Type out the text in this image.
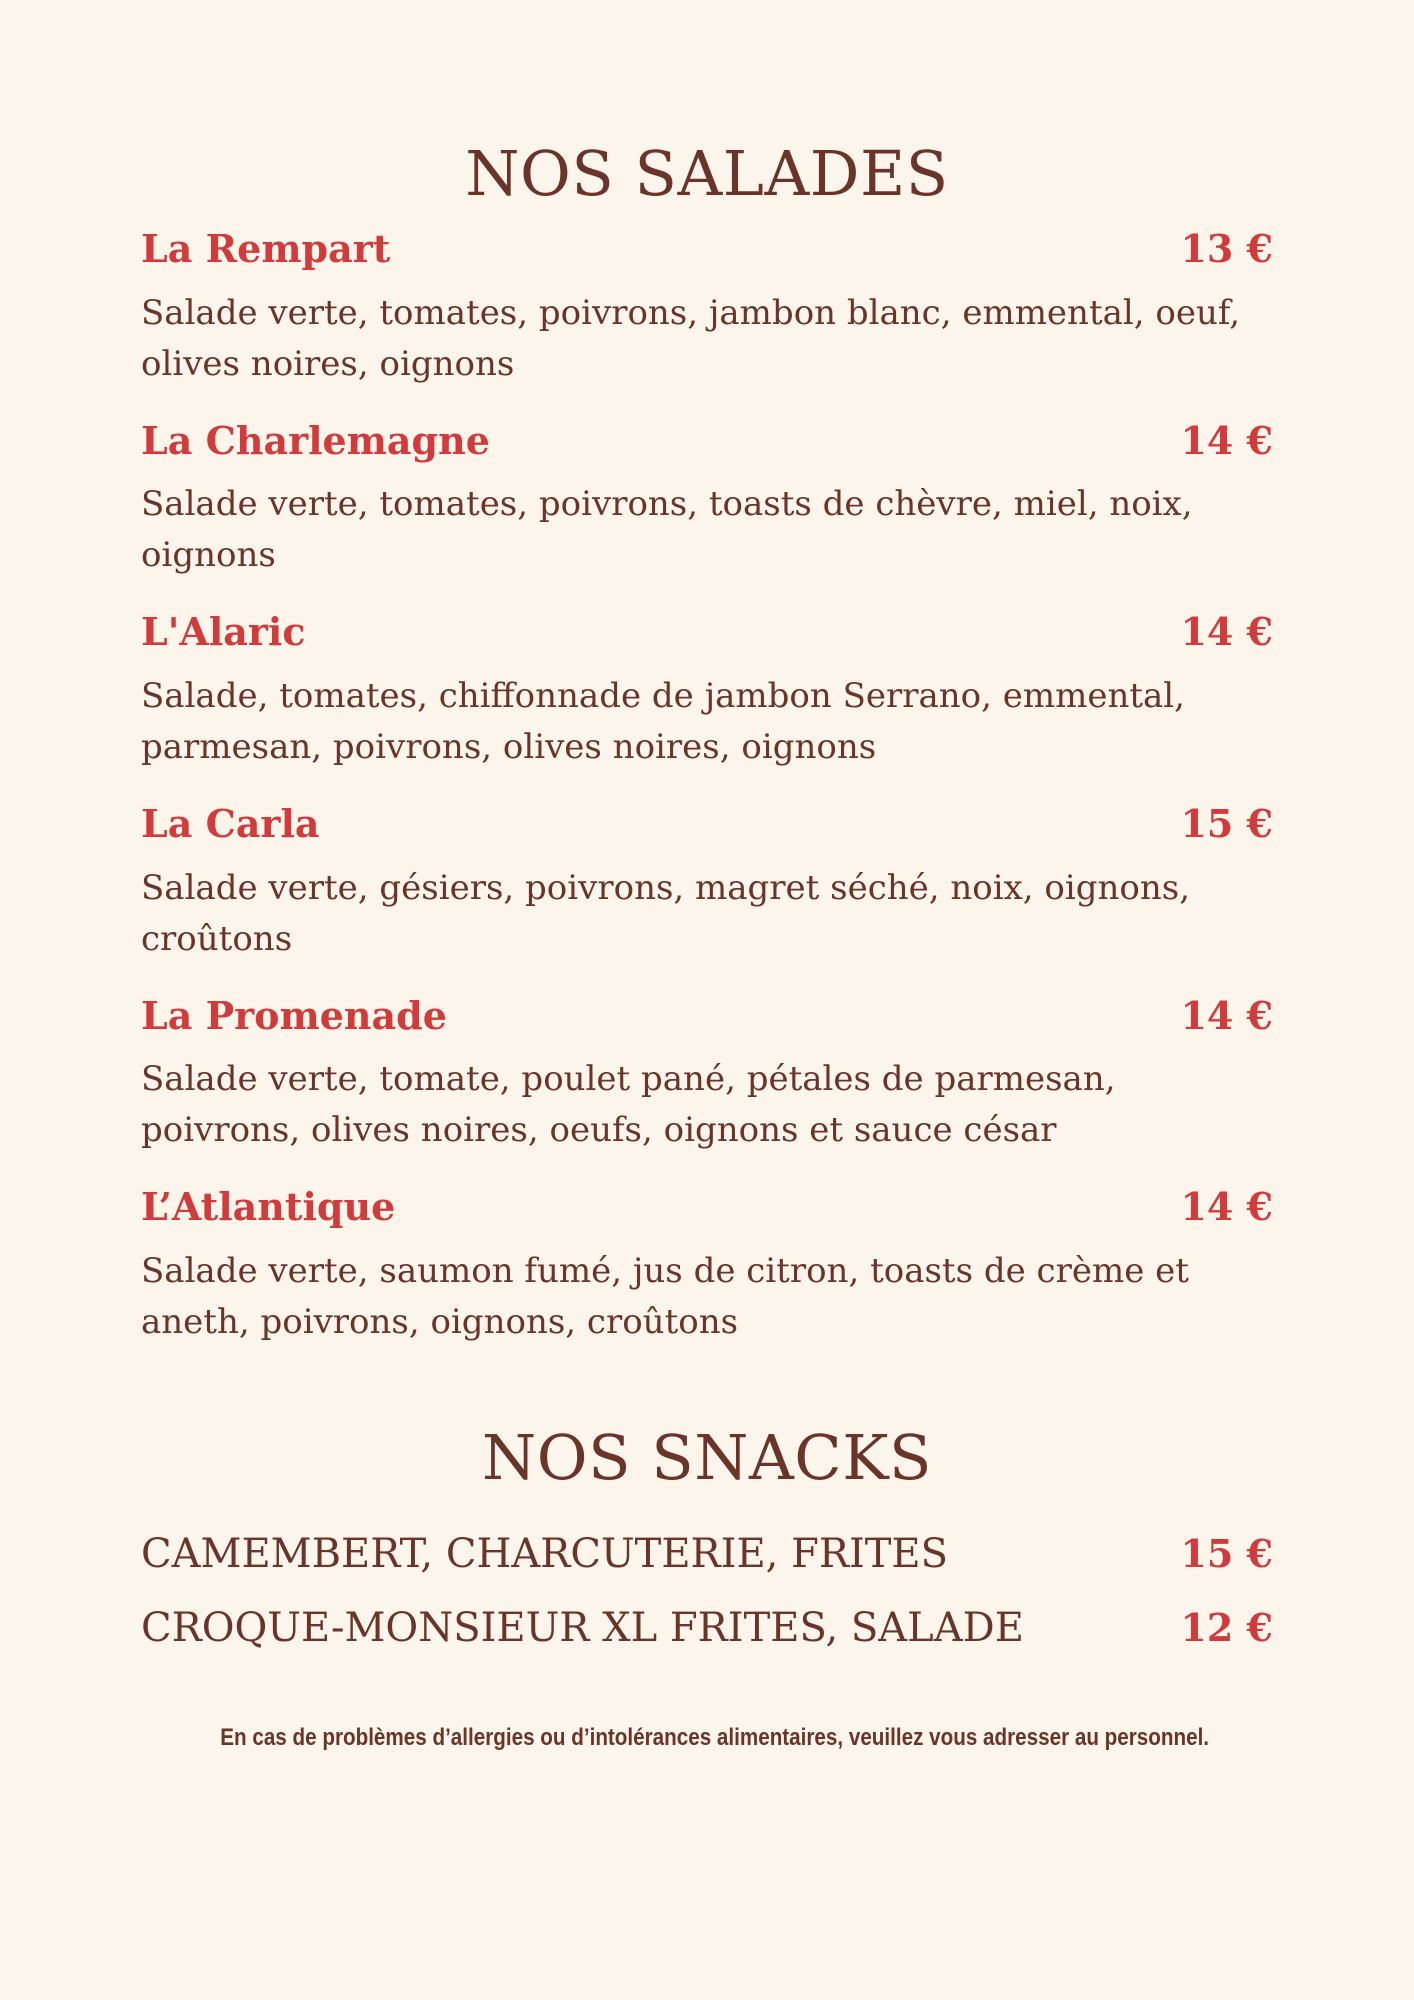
NOS SALADES
La Rempart	13 €
Salade verte, tomates, poivrons, jambon blanc, emmental, oeuf, olives noires, oignons
La Charlemagne	14 €
Salade verte, tomates, poivrons, toasts de chèvre, miel, noix, oignons
L'Alaric	14 €
Salade, tomates, chiffonnade de jambon Serrano, emmental, parmesan, poivrons, olives noires, oignons
La Carla	15 €
Salade verte, gésiers, poivrons, magret séché, noix, oignons, croûtons
La Promenade	14 €
Salade verte, tomate, poulet pané, pétales de parmesan, poivrons, olives noires, oeufs, oignons et sauce césar
L’Atlantique	14 €
Salade verte, saumon fumé, jus de citron, toasts de crème et aneth, poivrons, oignons, croûtons
NOS SNACKS
CAMEMBERT, CHARCUTERIE, FRITES	15 €
CROQUE-MONSIEUR XL FRITES, SALADE	12 €
En cas de problèmes d’allergies ou d’intolérances alimentaires, veuillez vous adresser au personnel.
